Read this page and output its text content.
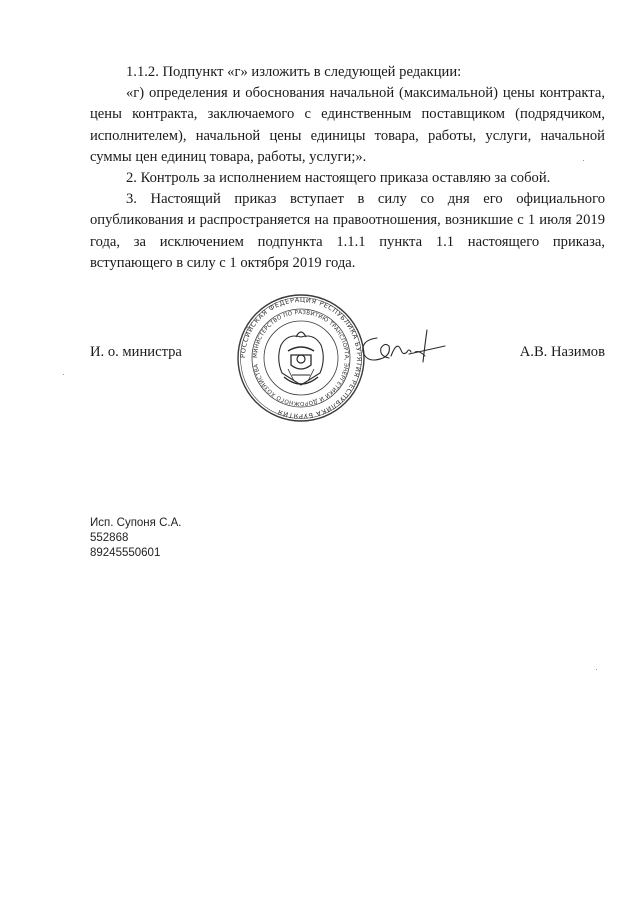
1.1.2. Подпункт «г» изложить в следующей редакции:

«г) определения и обоснования начальной (максимальной) цены контракта, цены контракта, заключаемого с единственным поставщиком (подрядчиком, исполнителем), начальной цены единицы товара, работы, услуги, начальной суммы цен единиц товара, работы, услуги;».

2. Контроль за исполнением настоящего приказа оставляю за собой.

3. Настоящий приказ вступает в силу со дня его официального опубликования и распространяется на правоотношения, возникшие с 1 июля 2019 года, за исключением подпункта 1.1.1 пункта 1.1 настоящего приказа, вступающего в силу с 1 октября 2019 года.

РОССИЙСКАЯ ФЕДЕРАЦИЯ РЕСПУБЛИКА БУРЯТИЯ РЕСПУБЛИКА БУРЯТИЯ
МИНИСТЕРСТВО ПО РАЗВИТИЮ ТРАНСПОРТА, ЭНЕРГЕТИКИ И ДОРОЖНОГО ХОЗЯЙСТВА
И. о. министра	А.В. Назимов
Исп. Супоня С.А.
552868
89245550601
